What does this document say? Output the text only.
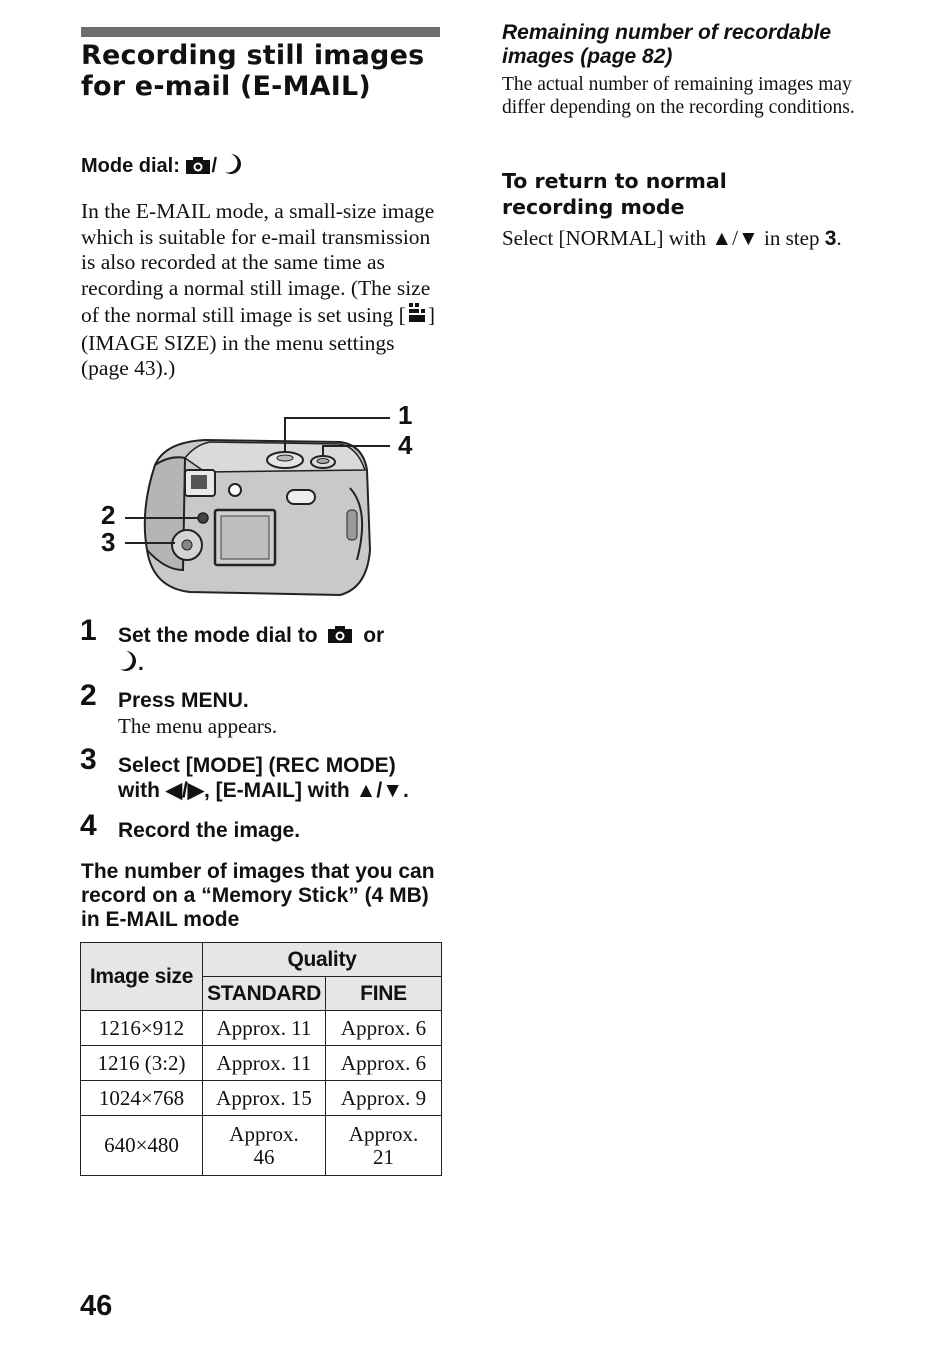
Recording still images for e-mail (E-MAIL)
Mode dial: /
In the E-MAIL mode, a small-size image which is suitable for e-mail transmission is also recorded at the same time as recording a normal still image. (The size of the normal still image is set using [ ] (IMAGE SIZE) in the menu settings (page 43).)
1
4
2
3
1 Set the mode dial to or
.
2 Press MENU.
The menu appears.
3 Select [MODE] (REC MODE)
with ◀/▶, [E-MAIL] with ▲/▼.
4 Record the image.
The number of images that you can record on a “Memory Stick” (4 MB) in E-MAIL mode
Image size	Quality	
	STANDARD	FINE
1216×912	Approx. 11	Approx. 6
1216 (3:2)	Approx. 11	Approx. 6
1024×768	Approx. 15	Approx. 9
640×480	Approx. 46	Approx. 21
46
Remaining number of recordable images (page 82)
The actual number of remaining images may differ depending on the recording conditions.
To return to normal recording mode
Select [NORMAL] with ▲/▼ in step 3.
